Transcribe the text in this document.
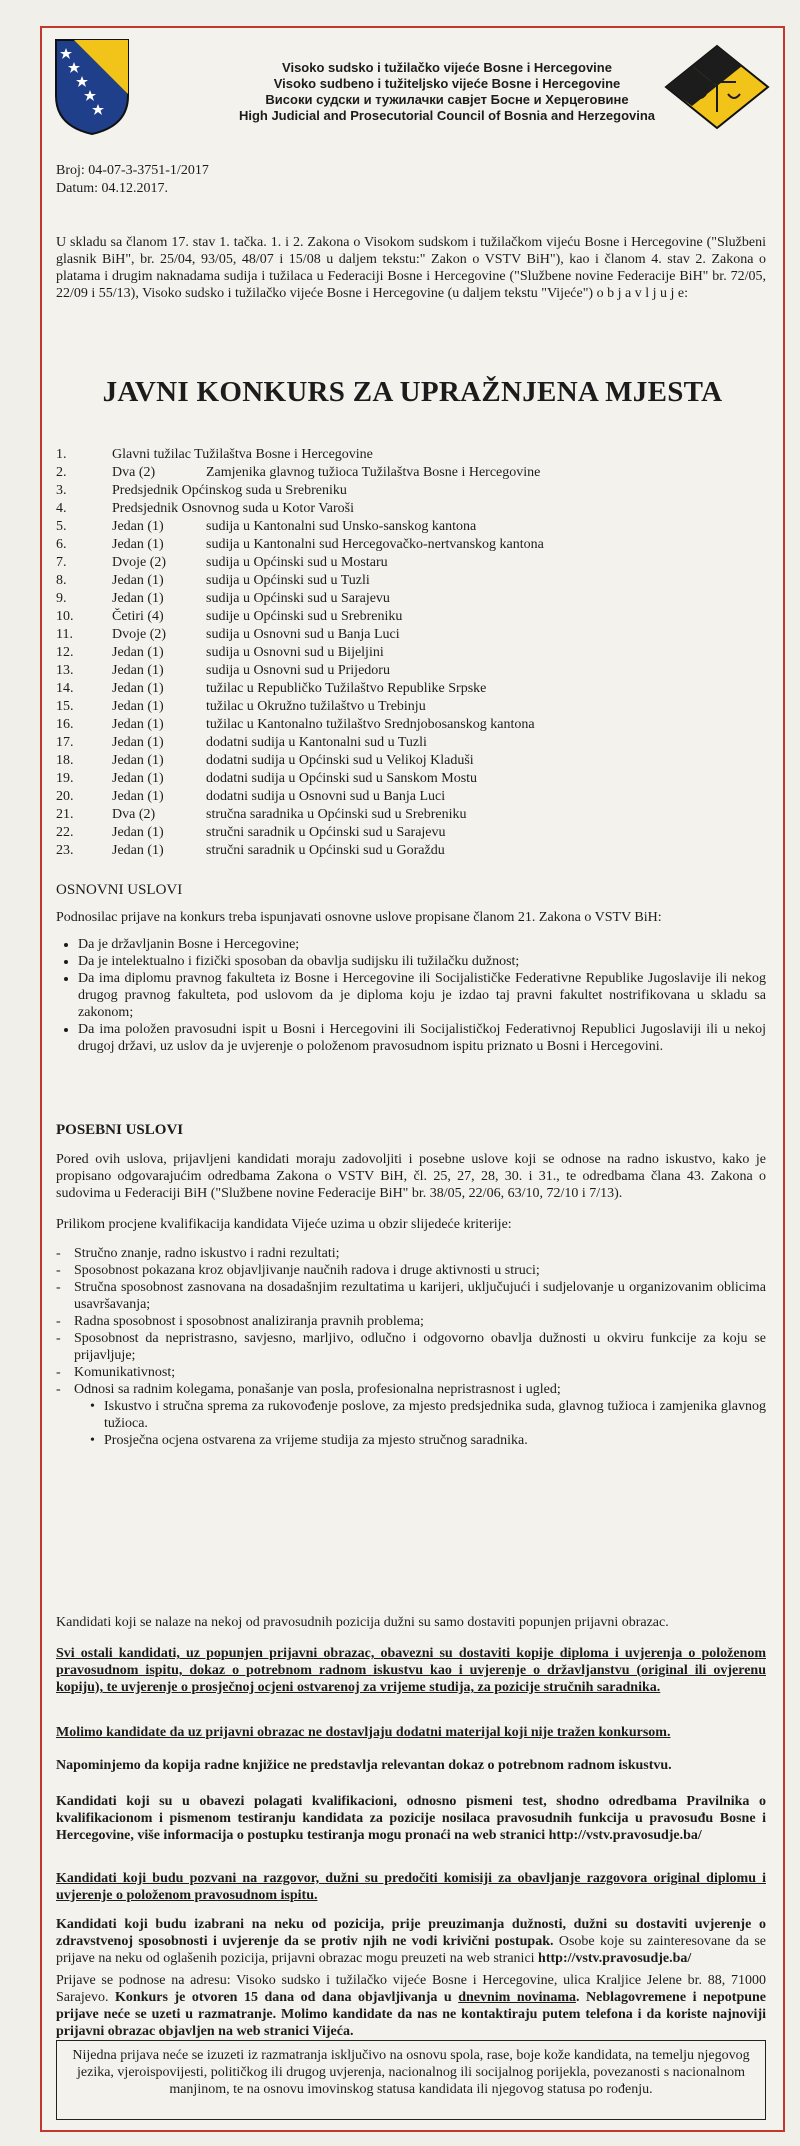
Visoko sudsko i tužilačko vijeće Bosne i Hercegovine
Visoko sudbeno i tužiteljsko vijeće Bosne i Hercegovine
Високи судски и тужилачки савјет Босне и Херцеговине
High Judicial and Prosecutorial Council of Bosnia and Herzegovina
Broj: 04-07-3-3751-1/2017
Datum: 04.12.2017.
U skladu sa članom 17. stav 1. tačka. 1. i 2. Zakona o Visokom sudskom i tužilačkom vijeću Bosne i Hercegovine ("Službeni glasnik BiH", br. 25/04, 93/05, 48/07 i 15/08 u daljem tekstu:" Zakon o VSTV BiH"), kao i članom 4. stav 2. Zakona o platama i drugim naknadama sudija i tužilaca u Federaciji Bosne i Hercegovine ("Službene novine Federacije BiH" br. 72/05, 22/09 i 55/13), Visoko sudsko i tužilačko vijeće Bosne i Hercegovine (u daljem tekstu "Vijeće") o b j a v l j u j e:
JAVNI KONKURS ZA UPRAŽNJENA MJESTA
1.	Glavni tužilac Tužilaštva Bosne i Hercegovine
2.	Dva (2)	Zamjenika glavnog tužioca Tužilaštva Bosne i Hercegovine
3.	Predsjednik Općinskog suda u Srebreniku
4.	Predsjednik Osnovnog suda u Kotor Varoši
5.	Jedan (1)	sudija u Kantonalni sud Unsko-sanskog kantona
6.	Jedan (1)	sudija u Kantonalni sud Hercegovačko-nertvanskog kantona
7.	Dvoje (2)	sudija u Općinski sud u Mostaru
8.	Jedan (1)	sudija u Općinski sud u Tuzli
9.	Jedan (1)	sudija u Općinski sud u Sarajevu
10.	Četiri (4)	sudije u Općinski sud u Srebreniku
11.	Dvoje (2)	sudija u Osnovni sud u Banja Luci
12.	Jedan (1)	sudija u Osnovni sud u Bijeljini
13.	Jedan (1)	sudija u Osnovni sud u Prijedoru
14.	Jedan (1)	tužilac u Republičko Tužilaštvo Republike Srpske
15.	Jedan (1)	tužilac u Okružno tužilaštvo u Trebinju
16.	Jedan (1)	tužilac u Kantonalno tužilaštvo Srednjobosanskog kantona
17.	Jedan (1)	dodatni sudija u Kantonalni sud u Tuzli
18.	Jedan (1)	dodatni sudija u Općinski sud u Velikoj Kladuši
19.	Jedan (1)	dodatni sudija u Općinski sud u Sanskom Mostu
20.	Jedan (1)	dodatni sudija u Osnovni sud u Banja Luci
21.	Dva (2)	stručna saradnika u Općinski sud u Srebreniku
22.	Jedan (1)	stručni saradnik u Općinski sud u Sarajevu
23.	Jedan (1)	stručni saradnik u Općinski sud u Goraždu
OSNOVNI USLOVI
Podnosilac prijave na konkurs treba ispunjavati osnovne uslove propisane članom 21. Zakona o VSTV BiH:
• Da je državljanin Bosne i Hercegovine;
• Da je intelektualno i fizički sposoban da obavlja sudijsku ili tužilačku dužnost;
• Da ima diplomu pravnog fakulteta iz Bosne i Hercegovine ili Socijalističke Federativne Republike Jugoslavije ili nekog drugog pravnog fakulteta, pod uslovom da je diploma koju je izdao taj pravni fakultet nostrifikovana u skladu sa zakonom;
• Da ima položen pravosudni ispit u Bosni i Hercegovini ili Socijalističkoj Federativnoj Republici Jugoslaviji ili u nekoj drugoj državi, uz uslov da je uvjerenje o položenom pravosudnom ispitu priznato u Bosni i Hercegovini.
POSEBNI USLOVI
Pored ovih uslova, prijavljeni kandidati moraju zadovoljiti i posebne uslove koji se odnose na radno iskustvo, kako je propisano odgovarajućim odredbama Zakona o VSTV BiH, čl. 25, 27, 28, 30. i 31., te odredbama člana 43. Zakona o sudovima u Federaciji BiH ("Službene novine Federacije BiH" br. 38/05, 22/06, 63/10, 72/10 i 7/13).
Prilikom procjene kvalifikacija kandidata Vijeće uzima u obzir slijedeće kriterije:
- Stručno znanje, radno iskustvo i radni rezultati;
- Sposobnost pokazana kroz objavljivanje naučnih radova i druge aktivnosti u struci;
- Stručna sposobnost zasnovana na dosadašnjim rezultatima u karijeri, uključujući i sudjelovanje u organizovanim oblicima usavršavanja;
- Radna sposobnost i sposobnost analiziranja pravnih problema;
- Sposobnost da nepristrasno, savjesno, marljivo, odlučno i odgovorno obavlja dužnosti u okviru funkcije za koju se prijavljuje;
- Komunikativnost;
- Odnosi sa radnim kolegama, ponašanje van posla, profesionalna nepristrasnost i ugled;
• Iskustvo i stručna sprema za rukovođenje poslove, za mjesto predsjednika suda, glavnog tužioca i zamjenika glavnog tužioca.
• Prosječna ocjena ostvarena za vrijeme studija za mjesto stručnog saradnika.
Kandidati koji se nalaze na nekoj od pravosudnih pozicija dužni su samo dostaviti popunjen prijavni obrazac.
Svi ostali kandidati, uz popunjen prijavni obrazac, obavezni su dostaviti kopije diploma i uvjerenja o položenom pravosudnom ispitu, dokaz o potrebnom radnom iskustvu kao i uvjerenje o državljanstvu (original ili ovjerenu kopiju), te uvjerenje o prosječnoj ocjeni ostvarenoj za vrijeme studija, za pozicije stručnih saradnika.
Molimo kandidate da uz prijavni obrazac ne dostavljaju dodatni materijal koji nije tražen konkursom.
Napominjemo da kopija radne knjižice ne predstavlja relevantan dokaz o potrebnom radnom iskustvu.
Kandidati koji su u obavezi polagati kvalifikacioni, odnosno pismeni test, shodno odredbama Pravilnika o kvalifikacionom i pismenom testiranju kandidata za pozicije nosilaca pravosudnih funkcija u pravosuđu Bosne i Hercegovine, više informacija o postupku testiranja mogu pronaći na web stranici http://vstv.pravosudje.ba/
Kandidati koji budu pozvani na razgovor, dužni su predočiti komisiji za obavljanje razgovora original diplomu i uvjerenje o položenom pravosudnom ispitu.
Kandidati koji budu izabrani na neku od pozicija, prije preuzimanja dužnosti, dužni su dostaviti uvjerenje o zdravstvenoj sposobnosti i uvjerenje da se protiv njih ne vodi krivični postupak. Osobe koje su zainteresovane da se prijave na neku od oglašenih pozicija, prijavni obrazac mogu preuzeti na web stranici http://vstv.pravosudje.ba/
Prijave se podnose na adresu: Visoko sudsko i tužilačko vijeće Bosne i Hercegovine, ulica Kraljice Jelene br. 88, 71000 Sarajevo. Konkurs je otvoren 15 dana od dana objavljivanja u dnevnim novinama. Neblagovremene i nepotpune prijave neće se uzeti u razmatranje. Molimo kandidate da nas ne kontaktiraju putem telefona i da koriste najnoviji prijavni obrazac objavljen na web stranici Vijeća.
Nijedna prijava neće se izuzeti iz razmatranja isključivo na osnovu spola, rase, boje kože kandidata, na temelju njegovog jezika, vjeroispovijesti, političkog ili drugog uvjerenja, nacionalnog ili socijalnog porijekla, povezanosti s nacionalnom manjinom, te na osnovu imovinskog statusa kandidata ili njegovog statusa po rođenju.
